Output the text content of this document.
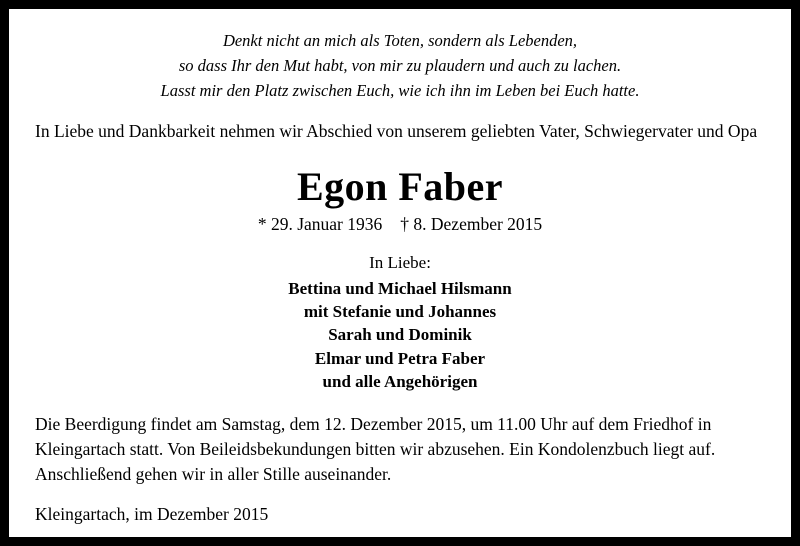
Denkt nicht an mich als Toten, sondern als Lebenden,
so dass Ihr den Mut habt, von mir zu plaudern und auch zu lachen.
Lasst mir den Platz zwischen Euch, wie ich ihn im Leben bei Euch hatte.
In Liebe und Dankbarkeit nehmen wir Abschied von unserem geliebten Vater, Schwiegervater und Opa
Egon Faber
* 29. Januar 1936 † 8. Dezember 2015
In Liebe:
Bettina und Michael Hilsmann
mit Stefanie und Johannes
Sarah und Dominik
Elmar und Petra Faber
und alle Angehörigen
Die Beerdigung findet am Samstag, dem 12. Dezember 2015, um 11.00 Uhr auf dem Friedhof in Kleingartach statt. Von Beileidsbekundungen bitten wir abzusehen. Ein Kondolenzbuch liegt auf. Anschließend gehen wir in aller Stille auseinander.
Kleingartach, im Dezember 2015
